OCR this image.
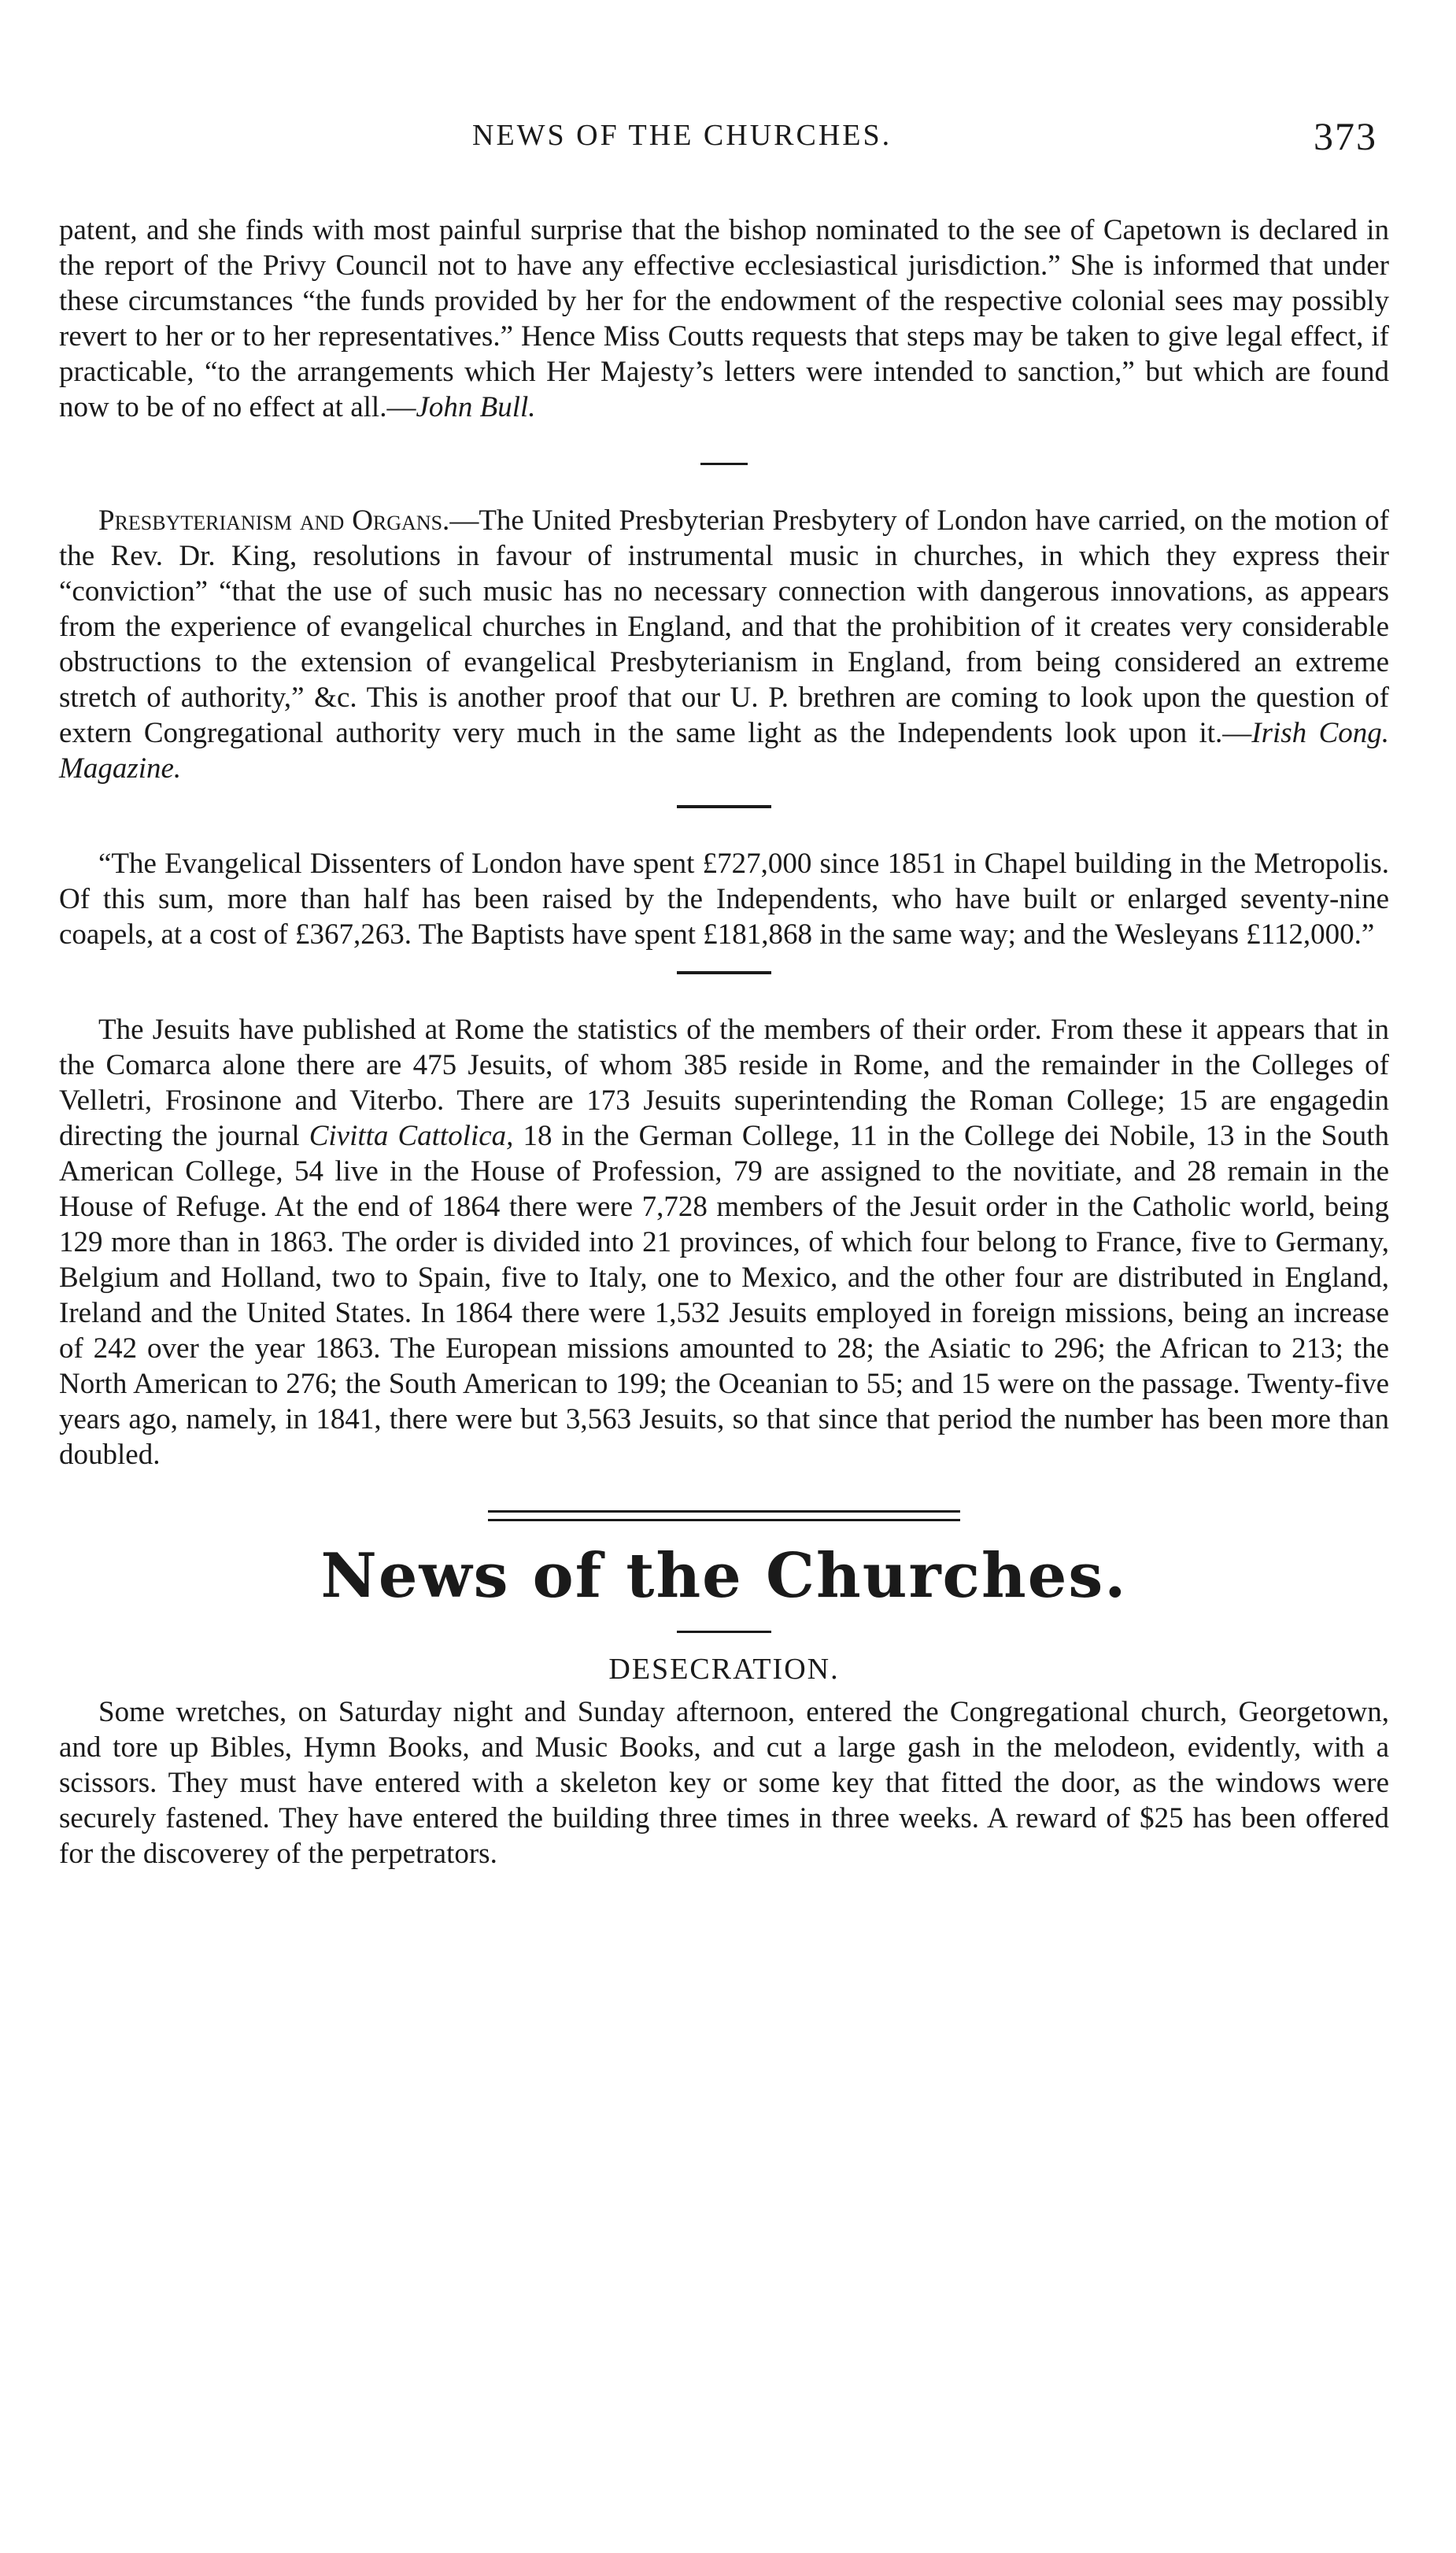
NEWS OF THE CHURCHES.	373

patent, and she finds with most painful surprise that the bishop nominated to the see of Capetown is declared in the report of the Privy Council not to have any effective ecclesiastical jurisdiction.” She is informed that under these circumstances “the funds provided by her for the endowment of the respective colonial sees may possibly revert to her or to her representatives.” Hence Miss Coutts requests that steps may be taken to give legal effect, if practicable, “to the arrangements which Her Majesty’s letters were intended to sanction,” but which are found now to be of no effect at all.—John Bull.

Presbyterianism and Organs.—The United Presbyterian Presbytery of London have carried, on the motion of the Rev. Dr. King, resolutions in favour of instrumental music in churches, in which they express their “conviction” “that the use of such music has no necessary connection with dangerous innovations, as appears from the experience of evangelical churches in England, and that the prohibition of it creates very considerable obstructions to the extension of evangelical Presbyterianism in England, from being considered an extreme stretch of authority,” &c. This is another proof that our U. P. brethren are coming to look upon the question of extern Congregational authority very much in the same light as the Independents look upon it.—Irish Cong. Magazine.

“The Evangelical Dissenters of London have spent £727,000 since 1851 in Chapel building in the Metropolis. Of this sum, more than half has been raised by the Independents, who have built or enlarged seventy-nine coapels, at a cost of £367,263. The Baptists have spent £181,868 in the same way; and the Wesleyans £112,000.”

The Jesuits have published at Rome the statistics of the members of their order. From these it appears that in the Comarca alone there are 475 Jesuits, of whom 385 reside in Rome, and the remainder in the Colleges of Velletri, Frosinone and Viterbo. There are 173 Jesuits superintending the Roman College; 15 are engagedin directing the journal Civitta Cattolica, 18 in the German College, 11 in the College dei Nobile, 13 in the South American College, 54 live in the House of Profession, 79 are assigned to the novitiate, and 28 remain in the House of Refuge. At the end of 1864 there were 7,728 members of the Jesuit order in the Catholic world, being 129 more than in 1863. The order is divided into 21 provinces, of which four belong to France, five to Germany, Belgium and Holland, two to Spain, five to Italy, one to Mexico, and the other four are distributed in England, Ireland and the United States. In 1864 there were 1,532 Jesuits employed in foreign missions, being an increase of 242 over the year 1863. The European missions amounted to 28; the Asiatic to 296; the African to 213; the North American to 276; the South American to 199; the Oceanian to 55; and 15 were on the passage. Twenty-five years ago, namely, in 1841, there were but 3,563 Jesuits, so that since that period the number has been more than doubled.

News of the Churches.
DESECRATION.

Some wretches, on Saturday night and Sunday afternoon, entered the Congregational church, Georgetown, and tore up Bibles, Hymn Books, and Music Books, and cut a large gash in the melodeon, evidently, with a scissors. They must have entered with a skeleton key or some key that fitted the door, as the windows were securely fastened. They have entered the building three times in three weeks. A reward of $25 has been offered for the discoverey of the perpetrators.
